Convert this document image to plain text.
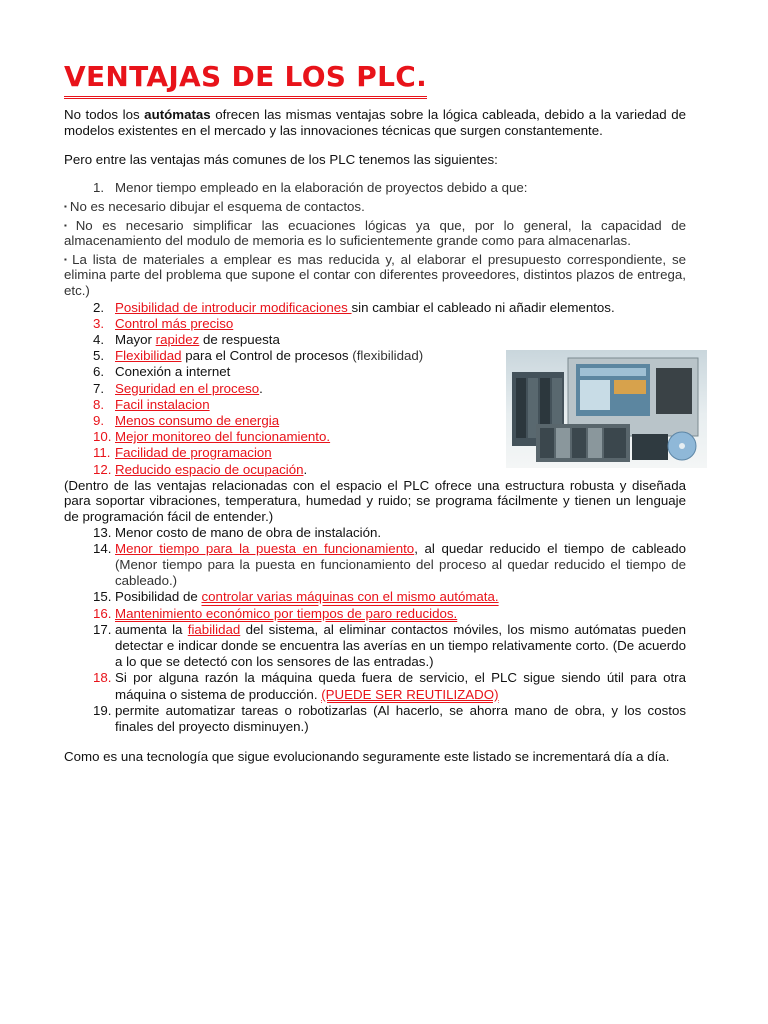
VENTAJAS DE LOS PLC.

No todos los autómatas ofrecen las mismas ventajas sobre la lógica cableada, debido a la variedad de modelos existentes en el mercado y las innovaciones técnicas que surgen constantemente.

Pero entre las ventajas más comunes de los PLC tenemos las siguientes:

1. Menor tiempo empleado en la elaboración de proyectos debido a que:

▪ No es necesario dibujar el esquema de contactos.

▪ No es necesario simplificar las ecuaciones lógicas ya que, por lo general, la capacidad de almacenamiento del modulo de memoria es lo suficientemente grande como para almacenarlas.

▪ La lista de materiales a emplear es mas reducida y, al elaborar el presupuesto correspondiente, se elimina parte del problema que supone el contar con diferentes proveedores, distintos plazos de entrega, etc.)

2. Posibilidad de introducir modificaciones sin cambiar el cableado ni añadir elementos.
3. Control más preciso
4. Mayor rapidez de respuesta
5. Flexibilidad para el Control de procesos (flexibilidad)
6. Conexión a internet
7. Seguridad en el proceso.
8. Facil instalacion
9. Menos consumo de energia
10. Mejor monitoreo del funcionamiento.
11. Facilidad de programacion
12. Reducido espacio de ocupación.

(Dentro de las ventajas relacionadas con el espacio el PLC ofrece una estructura robusta y diseñada para soportar vibraciones, temperatura, humedad y ruido; se programa fácilmente y tienen un lenguaje de programación fácil de entender.)

13. Menor costo de mano de obra de instalación.
14. Menor tiempo para la puesta en funcionamiento, al quedar reducido el tiempo de cableado (Menor tiempo para la puesta en funcionamiento del proceso al quedar reducido el tiempo de cableado.)
15. Posibilidad de controlar varias máquinas con el mismo autómata.
16. Mantenimiento económico por tiempos de paro reducidos.
17. aumenta la fiabilidad del sistema, al eliminar contactos móviles, los mismo autómatas pueden detectar e indicar donde se encuentra las averías en un tiempo relativamente corto. (De acuerdo a lo que se detectó con los sensores de las entradas.)
18. Si por alguna razón la máquina queda fuera de servicio, el PLC sigue siendo útil para otra máquina o sistema de producción. (PUEDE SER REUTILIZADO)
19. permite automatizar tareas o robotizarlas (Al hacerlo, se ahorra mano de obra, y los costos finales del proyecto disminuyen.)

Como es una tecnología que sigue evolucionando seguramente este listado se incrementará día a día.
